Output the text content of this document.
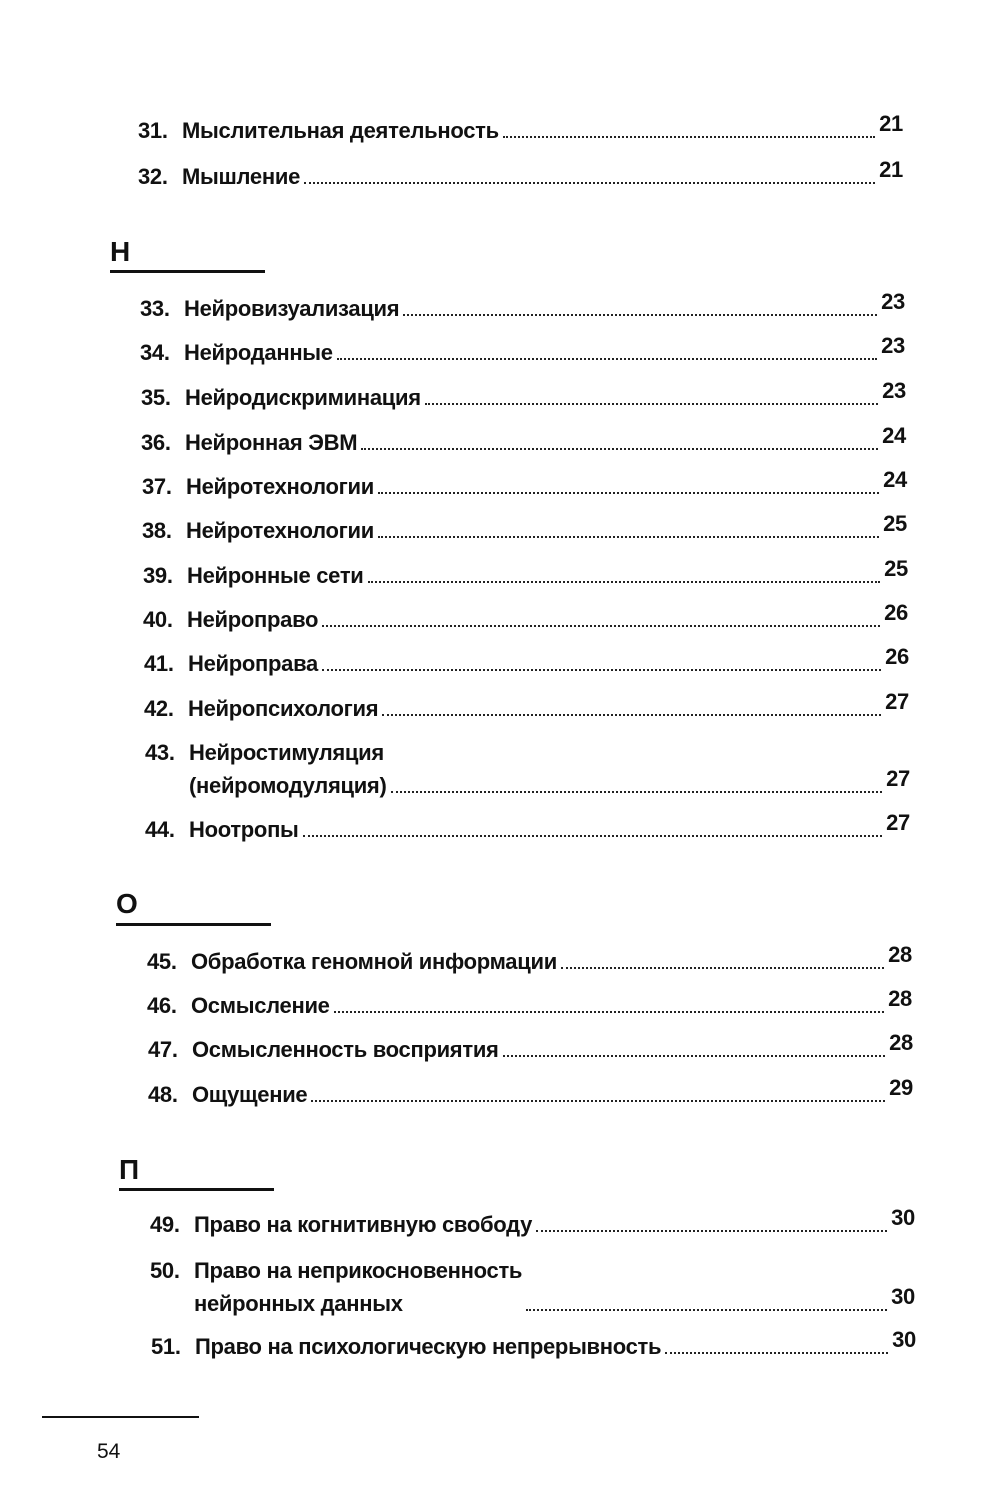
31. Мыслительная деятельность	21
32. Мышление	21
Н
33. Нейровизуализация	23
34. Нейроданные	23
35. Нейродискриминация	23
36. Нейронная ЭВМ	24
37. Нейротехнологии	24
38. Нейротехнологии	25
39. Нейронные сети	25
40. Нейроправо	26
41. Нейроправа	26
42. Нейропсихология	27
43. Нейростимуляция
(нейромодуляция)	27
44. Ноотропы	27
О
45. Обработка геномной информации	28
46. Осмысление	28
47. Осмысленность восприятия	28
48. Ощущение	29
П
49. Право на когнитивную свободу	30
50. Право на неприкосновенность
нейронных данных	30
51. Право на психологическую непрерывность	30
54
